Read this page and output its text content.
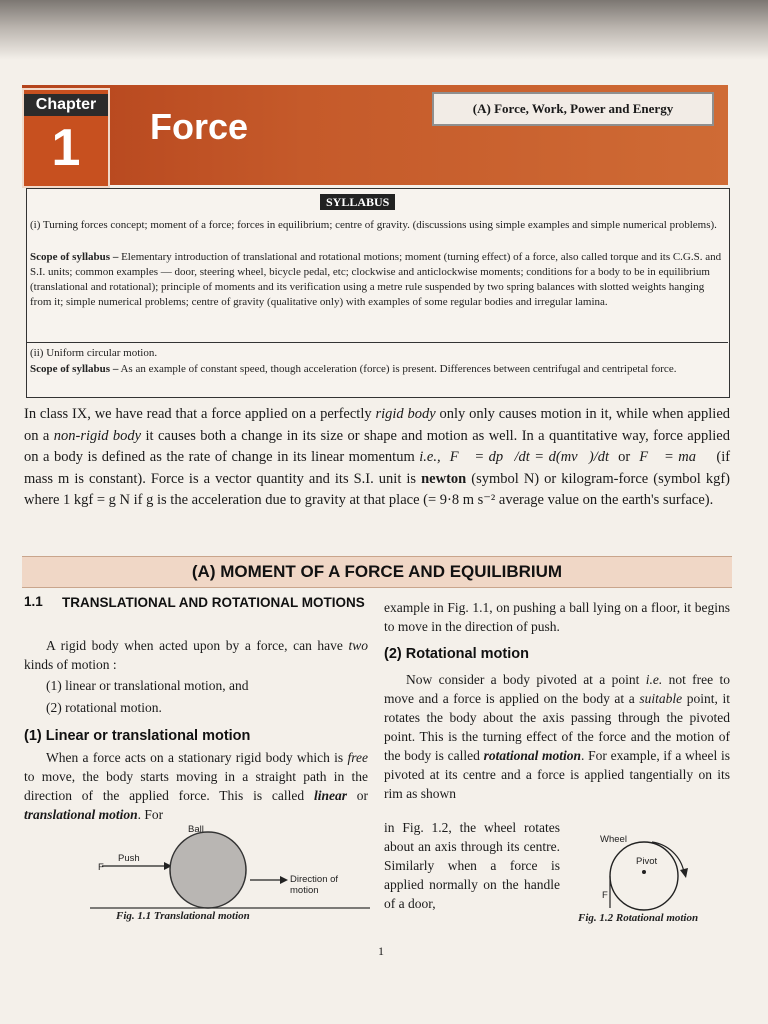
Chapter
1	Force	(A) Force, Work, Power and Energy
SYLLABUS

(i) Turning forces concept; moment of a force; forces in equilibrium; centre of gravity. (discussions using simple examples and simple numerical problems).

Scope of syllabus – Elementary introduction of translational and rotational motions; moment (turning effect) of a force, also called torque and its C.G.S. and S.I. units; common examples — door, steering wheel, bicycle pedal, etc; clockwise and anticlockwise moments; conditions for a body to be in equilibrium (translational and rotational); principle of moments and its verification using a metre rule suspended by two spring balances with slotted weights hanging from it; simple numerical problems; centre of gravity (qualitative only) with examples of some regular bodies and irregular lamina.

(ii) Uniform circular motion.

Scope of syllabus – As an example of constant speed, though acceleration (force) is present. Differences between centrifugal and centripetal force.

In class IX, we have read that a force applied on a perfectly rigid body only only causes motion in it, while when applied on a non-rigid body it causes both a change in its size or shape and motion as well. In a quantitative way, force applied on a body is defined as the rate of change in its linear momentum i.e., F⃗ = dp⃗/dt = d(mv⃗)/dt or F⃗ = ma⃗ (if mass m is constant). Force is a vector quantity and its S.I. unit is newton (symbol N) or kilogram-force (symbol kgf) where 1 kgf = g N if g is the acceleration due to gravity at that place (= 9·8 m s⁻² average value on the earth's surface).

(A) MOMENT OF A FORCE AND EQUILIBRIUM
1.1 TRANSLATIONAL AND ROTATIONAL MOTIONS

A rigid body when acted upon by a force, can have two kinds of motion :

(1) linear or translational motion, and
(2) rotational motion.
(1) Linear or translational motion

When a force acts on a stationary rigid body which is free to move, the body starts moving in a straight path in the direction of the applied force. This is called linear or translational motion. For

Ball
Push
F
Direction of motion
Fig. 1.1 Translational motion

example in Fig. 1.1, on pushing a ball lying on a floor, it begins to move in the direction of push.

(2) Rotational motion

Now consider a body pivoted at a point i.e. not free to move and a force is applied on the body at a suitable point, it rotates the body about the axis passing through the pivoted point. This is the turning effect of the force and the motion of the body is called rotational motion. For example, if a wheel is pivoted at its centre and a force is applied tangentially on its rim as shown

in Fig. 1.2, the wheel rotates about an axis through its centre. Similarly when a force is applied normally on the handle of a door,

Wheel
Pivot
F
Fig. 1.2 Rotational motion
1
